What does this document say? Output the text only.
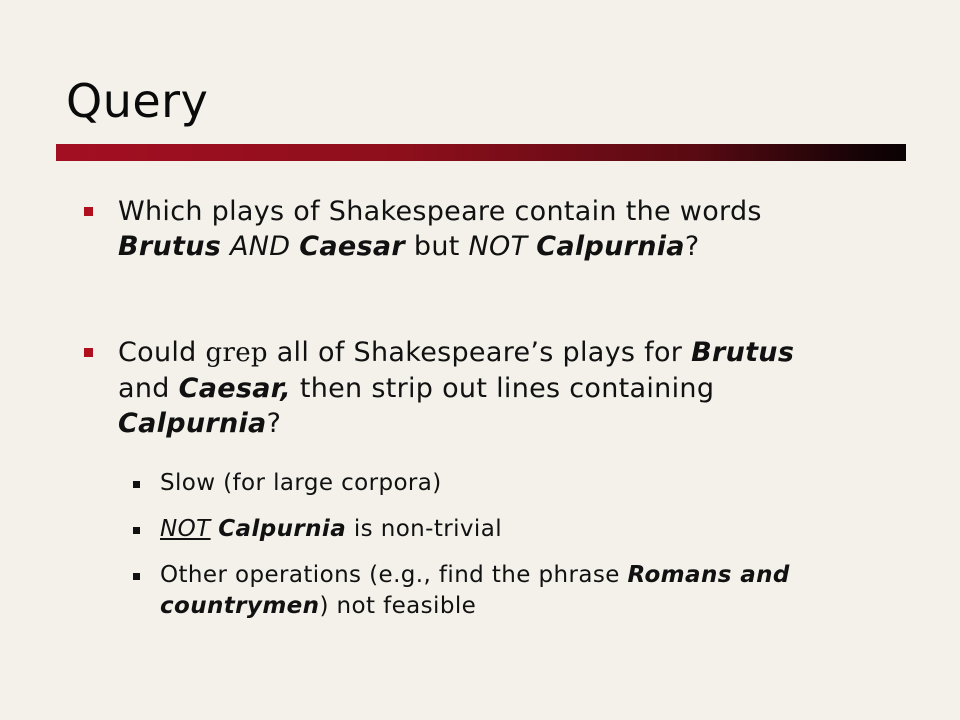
Query
Which plays of Shakespeare contain the words Brutus AND Caesar but NOT Calpurnia?
Could grep all of Shakespeare’s plays for Brutus and Caesar, then strip out lines containing Calpurnia?
Slow (for large corpora)
NOT Calpurnia is non-trivial
Other operations (e.g., find the phrase Romans and countrymen) not feasible
